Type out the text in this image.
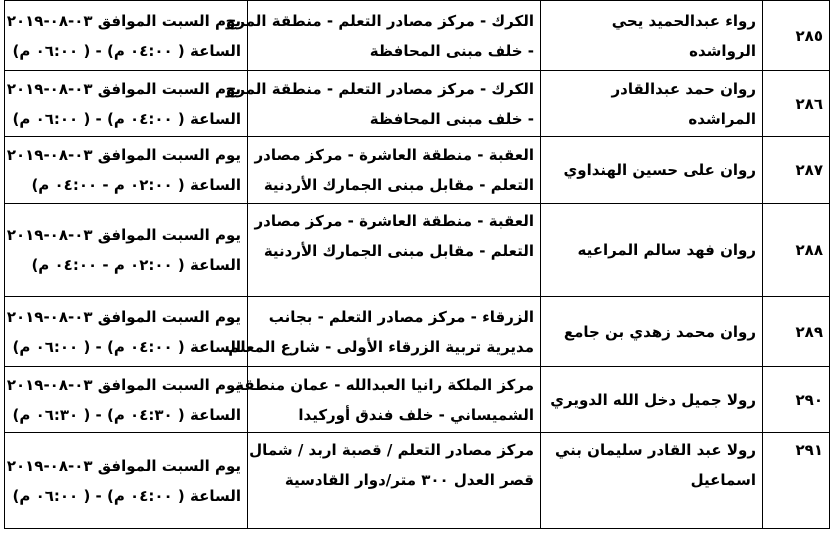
٢٨٥	رواء عبدالحميد يحي الرواشده	الكرك - مركز مصادر التعلم - منطقة المرج
- خلف مبنى المحافظة	يوم السبت الموافق ٠٣-٠٨-٢٠١٩
الساعة ( ٠٤:٠٠ م) - ( ٠٦:٠٠ م)

٢٨٦	روان حمد عبدالقادر المراشده	الكرك - مركز مصادر التعلم - منطقة المرج
- خلف مبنى المحافظة	يوم السبت الموافق ٠٣-٠٨-٢٠١٩
الساعة ( ٠٤:٠٠ م) - ( ٠٦:٠٠ م)

٢٨٧	روان على حسين الهنداوي	العقبة - منطقة العاشرة - مركز مصادر
التعلم - مقابل مبنى الجمارك الأردنية	يوم السبت الموافق ٠٣-٠٨-٢٠١٩
الساعة ( ٠٢:٠٠ م - ٠٤:٠٠ م)

٢٨٨	روان فهد سالم المراعيه	العقبة - منطقة العاشرة - مركز مصادر
التعلم - مقابل مبنى الجمارك الأردنية	يوم السبت الموافق ٠٣-٠٨-٢٠١٩
الساعة ( ٠٢:٠٠ م - ٠٤:٠٠ م)

٢٨٩	روان محمد زهدي بن جامع	الزرقاء - مركز مصادر التعلم - بجانب
مديرية تربية الزرقاء الأولى - شارع المعلم	يوم السبت الموافق ٠٣-٠٨-٢٠١٩
الساعة ( ٠٤:٠٠ م) - ( ٠٦:٠٠ م)

٢٩٠	رولا جميل دخل الله الدويري	مركز الملكة رانيا العبدالله - عمان منطقة
الشميساني - خلف فندق أوركيدا	يوم السبت الموافق ٠٣-٠٨-٢٠١٩
الساعة ( ٠٤:٣٠ م) - ( ٠٦:٣٠ م)

٢٩١	رولا عبد القادر سليمان بني
اسماعيل	مركز مصادر التعلم / قصبة اربد / شمال
قصر العدل ٣٠٠ متر/دوار القادسية	يوم السبت الموافق ٠٣-٠٨-٢٠١٩
الساعة ( ٠٤:٠٠ م) - ( ٠٦:٠٠ م)
